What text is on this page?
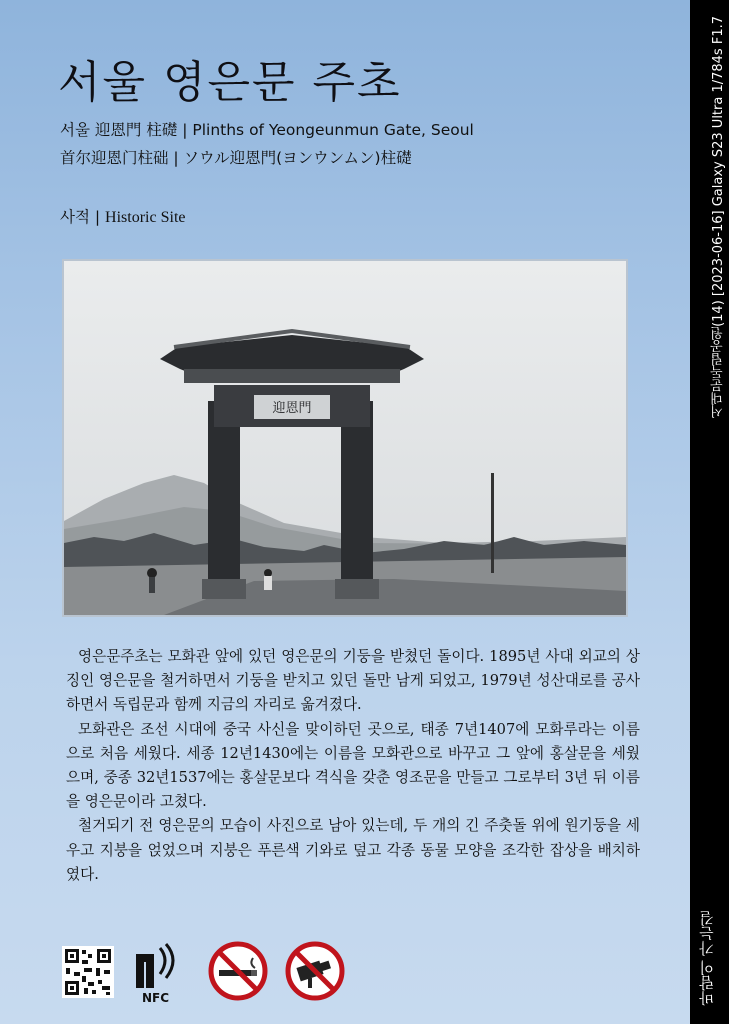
서울 영은문 주초
서울 迎恩門 柱礎 | Plinths of Yeongeunmun Gate, Seoul
首尔迎恩门柱础 | ソウル迎恩門(ヨンウンムン)柱礎
사적 | Historic Site
迎恩門

영은문주초는 모화관 앞에 있던 영은문의 기둥을 받쳤던 돌이다. 1895년 사대 외교의 상징인 영은문을 철거하면서 기둥을 받치고 있던 돌만 남게 되었고, 1979년 성산대로를 공사하면서 독립문과 함께 지금의 자리로 옮겨졌다.

모화관은 조선 시대에 중국 사신을 맞이하던 곳으로, 태종 7년1407에 모화루라는 이름으로 처음 세웠다. 세종 12년1430에는 이름을 모화관으로 바꾸고 그 앞에 홍살문을 세웠으며, 중종 32년1537에는 홍살문보다 격식을 갖춘 영조문을 만들고 그로부터 3년 뒤 이름을 영은문이라 고쳤다.

철거되기 전 영은문의 모습이 사진으로 남아 있는데, 두 개의 긴 주춧돌 위에 원기둥을 세우고 지붕을 얹었으며 지붕은 푸른색 기와로 덮고 각종 동물 모양을 조각한 잡상을 배치하였다.

NFC
서대문독립공원(14) [2023-06-16] Galaxy S23 Ultra 1/784s F1.7
바람이 가는길
